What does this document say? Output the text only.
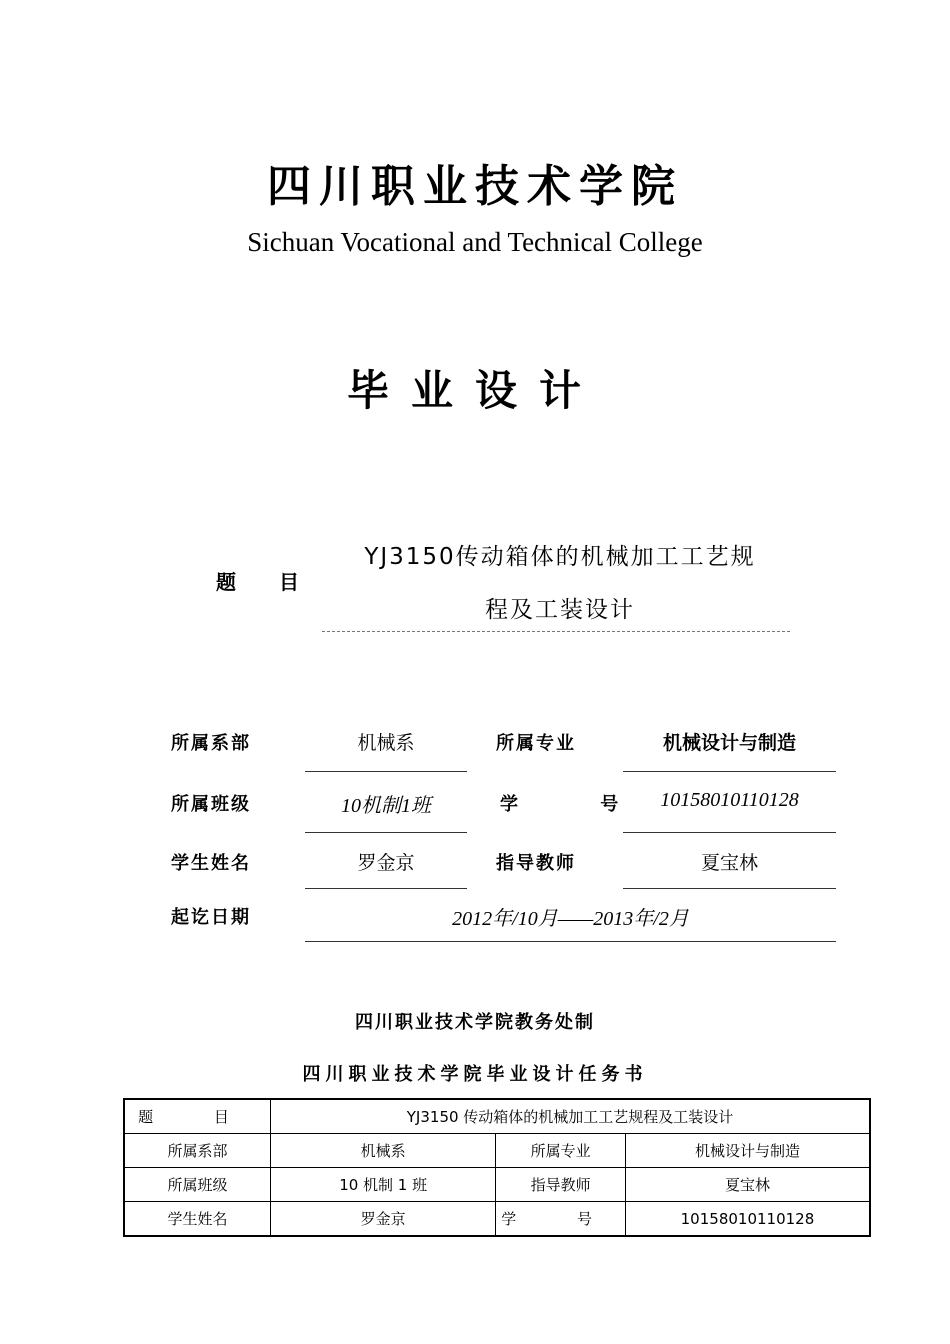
四川职业技术学院
Sichuan Vocational and Technical College
毕业设计
题 目
YJ3150传动箱体的机械加工工艺规
程及工装设计
所属系部	机械系	所属专业	机械设计与制造
所属班级	10机制1班	学 号 10158010110128
学生姓名	罗金京	指导教师	夏宝林
起讫日期	2012年/10月——2013年/2月
四川职业技术学院教务处制
四川职业技术学院毕业设计任务书
题 目	YJ3150 传动箱体的机械加工工艺规程及工装设计		
所属系部	机械系	所属专业	机械设计与制造
所属班级	10 机制 1 班	指导教师	夏宝林
学生姓名	罗金京	学 号	10158010110128
